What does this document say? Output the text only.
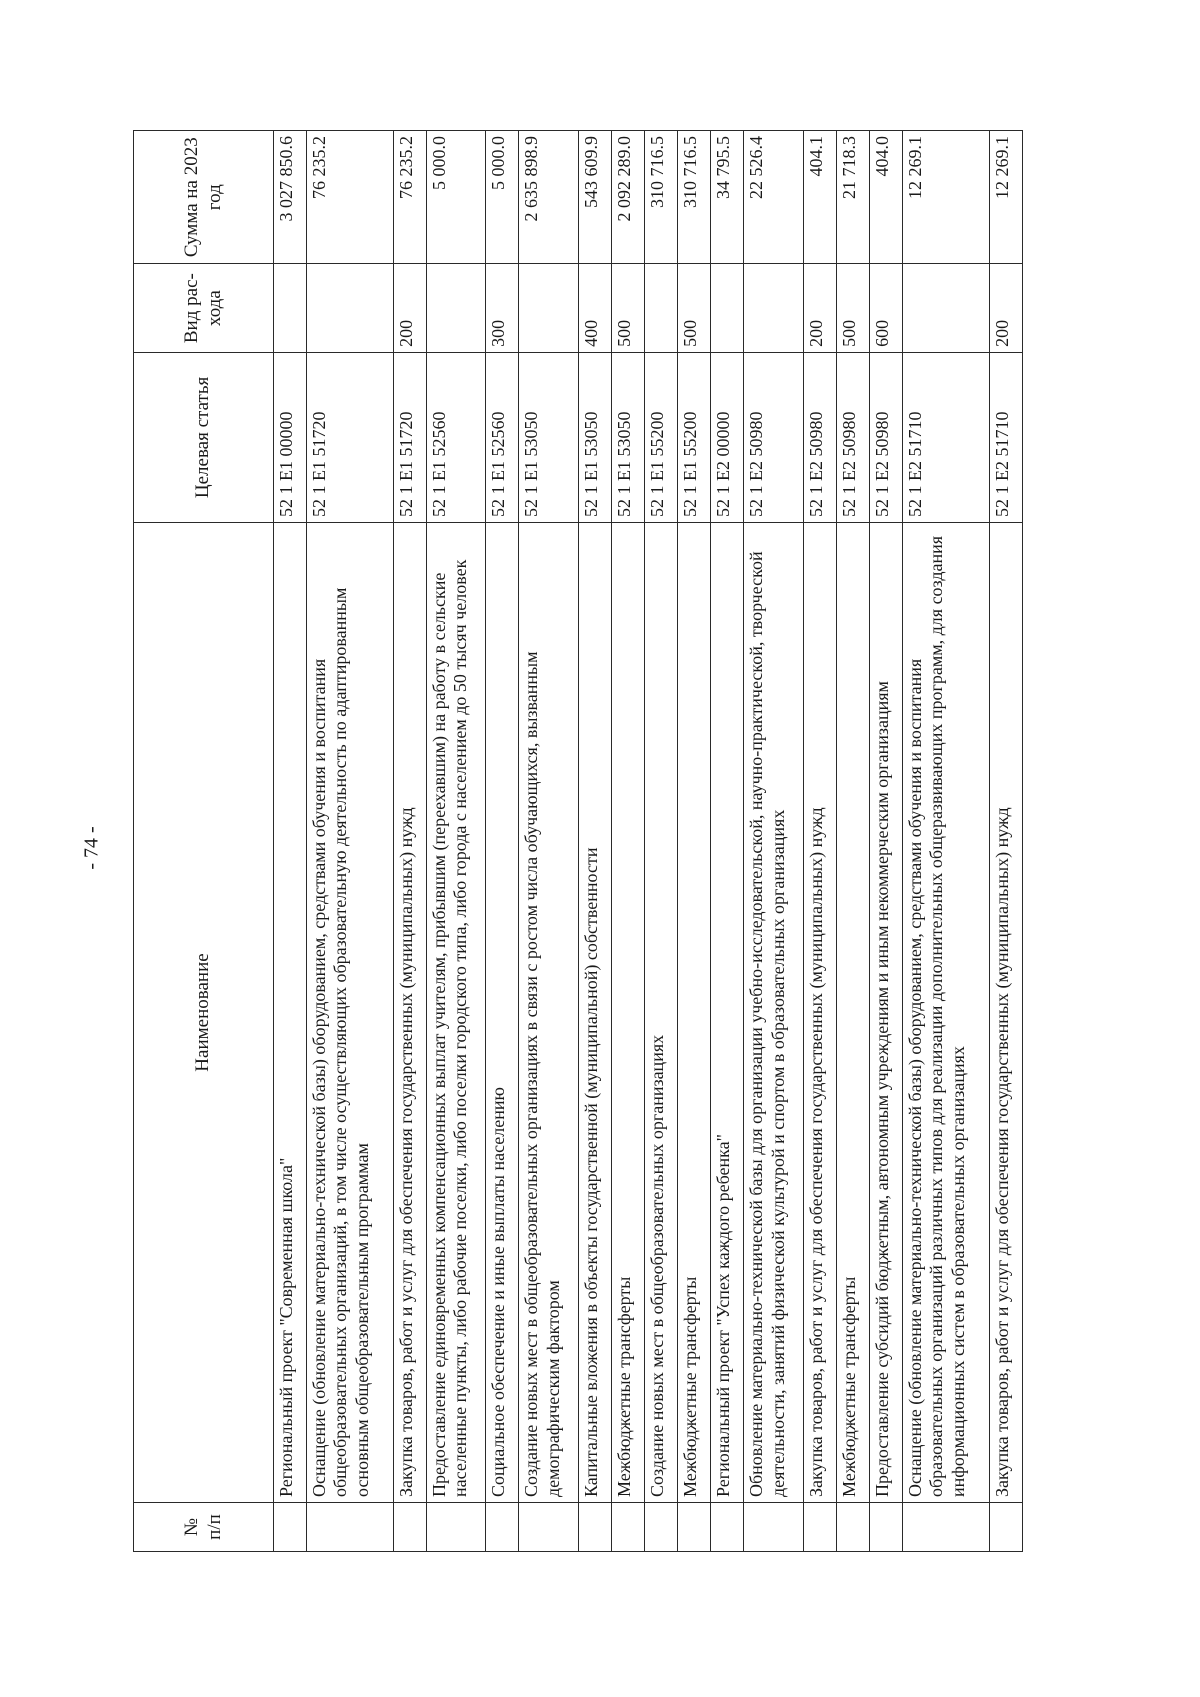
- 74 -
№ п/п	Наименование	Целевая статья	Вид рас-хода	Сумма на 2023 год
	Региональный проект "Современная школа"	52 1 E1 00000		3 027 850.6
	Оснащение (обновление материально-технической базы) оборудованием, средствами обучения и воспитания общеобразовательных организаций, в том числе осуществляющих образовательную деятельность по адаптированным основным общеобразовательным программам	52 1 E1 51720		76 235.2
	Закупка товаров, работ и услуг для обеспечения государственных (муниципальных) нужд	52 1 E1 51720	200	76 235.2
	Предоставление единовременных компенсационных выплат учителям, прибывшим (переехавшим) на работу в сельские населенные пункты, либо рабочие поселки, либо поселки городского типа, либо города с населением до 50 тысяч человек	52 1 E1 52560		5 000.0
	Социальное обеспечение и иные выплаты населению	52 1 E1 52560	300	5 000.0
	Создание новых мест в общеобразовательных организациях в связи с ростом числа обучающихся, вызванным демографическим фактором	52 1 E1 53050		2 635 898.9
	Капитальные вложения в объекты государственной (муниципальной) собственности	52 1 E1 53050	400	543 609.9
	Межбюджетные трансферты	52 1 E1 53050	500	2 092 289.0
	Создание новых мест в общеобразовательных организациях	52 1 E1 55200		310 716.5
	Межбюджетные трансферты	52 1 E1 55200	500	310 716.5
	Региональный проект "Успех каждого ребенка"	52 1 E2 00000		34 795.5
	Обновление материально-технической базы для организации учебно-исследовательской, научно-практической, творческой деятельности, занятий физической культурой и спортом в образовательных организациях	52 1 E2 50980		22 526.4
	Закупка товаров, работ и услуг для обеспечения государственных (муниципальных) нужд	52 1 E2 50980	200	404.1
	Межбюджетные трансферты	52 1 E2 50980	500	21 718.3
	Предоставление субсидий бюджетным, автономным учреждениям и иным некоммерческим организациям	52 1 E2 50980	600	404.0
	Оснащение (обновление материально-технической базы) оборудованием, средствами обучения и воспитания образовательных организаций различных типов для реализации дополнительных общеразвивающих программ, для создания информационных систем в образовательных организациях	52 1 E2 51710		12 269.1
	Закупка товаров, работ и услуг для обеспечения государственных (муниципальных) нужд	52 1 E2 51710	200	12 269.1
